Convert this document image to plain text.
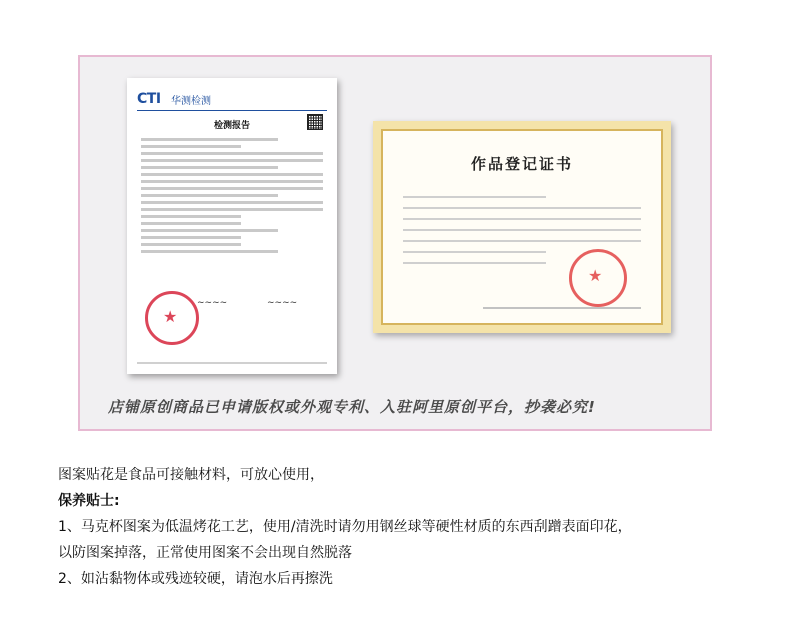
CTI 华测检测
检测报告
★
~~~~	~~~~
作品登记证书
★
店铺原创商品已申请版权或外观专利、入驻阿里原创平台，抄袭必究!
图案贴花是食品可接触材料，可放心使用，
保养贴士:
1、马克杯图案为低温烤花工艺，使用/清洗时请勿用钢丝球等硬性材质的东西刮蹭表面印花，
以防图案掉落，正常使用图案不会出现自然脱落
2、如沾黏物体或残迹较硬，请泡水后再擦洗
